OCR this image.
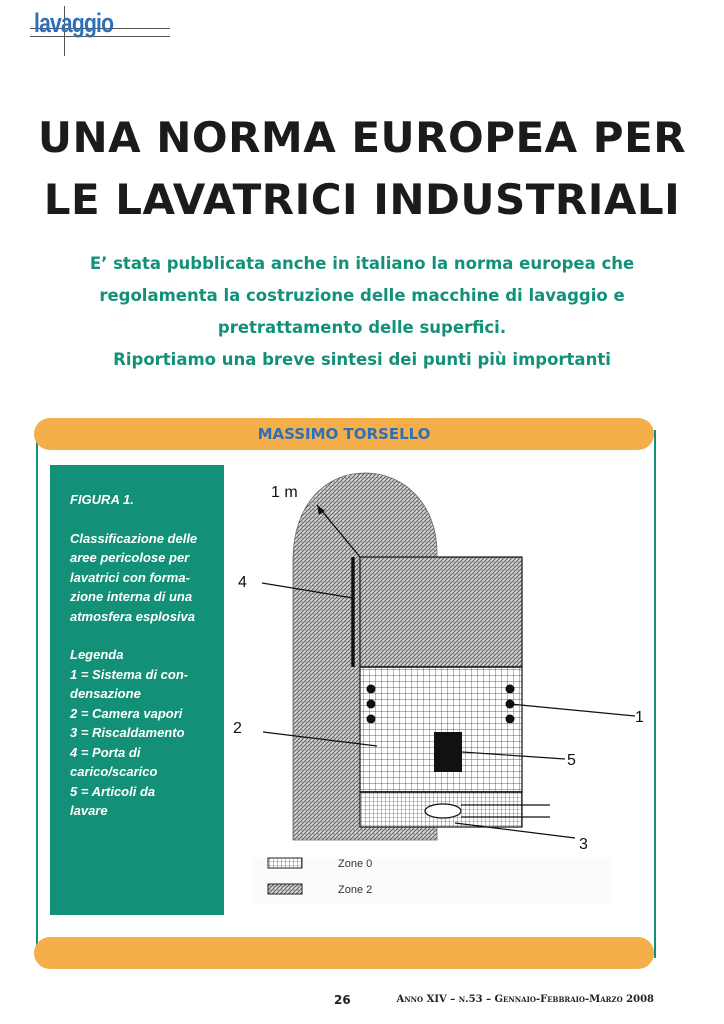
lavaggio
UNA NORMA EUROPEA PER
LE LAVATRICI INDUSTRIALI
E’ stata pubblicata anche in italiano la norma europea che
regolamenta la costruzione delle macchine di lavaggio e
pretrattamento delle superfici.
Riportiamo una breve sintesi dei punti più importanti
MASSIMO TORSELLO

FIGURA 1.

Classificazione delle

aree pericolose per

lavatrici con forma-

zione interna di una

atmosfera esplosiva

Legenda

1 = Sistema di con-

densazione

2 = Camera vapori

3 = Riscaldamento

4 = Porta di

carico/scarico

5 = Articoli da

lavare

1 m
4
2
1
5
3
Zone 0
Zone 2
26	Anno XIV – n.53 – Gennaio-Febbraio-Marzo 2008
